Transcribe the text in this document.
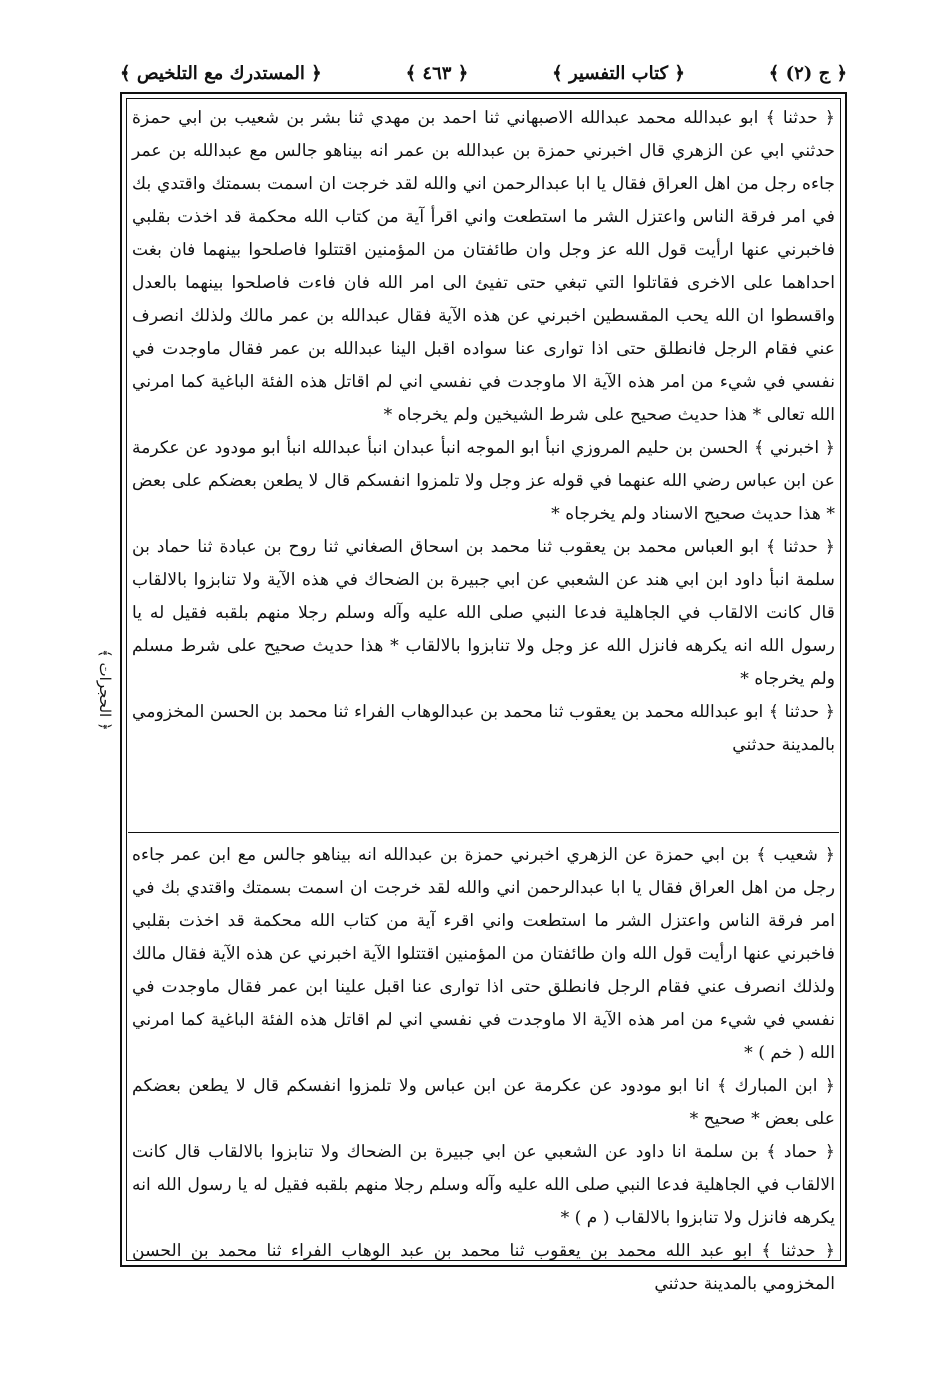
﴿ المستدرك مع التلخيص ﴾	﴿ ٤٦٣ ﴾	﴿ كتاب التفسير ﴾	﴿ ج (٢) ﴾
﴿ الحجرات ﴾

﴿ حدثنا ﴾ ابو عبدالله محمد عبدالله الاصبهاني ثنا احمد بن مهدي ثنا بشر بن شعيب بن ابي حمزة حدثني ابي عن الزهري قال اخبرني حمزة بن عبدالله بن عمر انه بيناهو جالس مع عبدالله بن عمر جاءه رجل من اهل العراق فقال يا ابا عبدالرحمن اني والله لقد خرجت ان اسمت بسمتك واقتدي بك في امر فرقة الناس واعتزل الشر ما استطعت واني اقرأ آية من كتاب الله محكمة قد اخذت بقلبي فاخبرني عنها ارأيت قول الله عز وجل وان طائفتان من المؤمنين اقتتلوا فاصلحوا بينهما فان بغت احداهما على الاخرى فقاتلوا التي تبغي حتى تفيئ الى امر الله فان فاءت فاصلحوا بينهما بالعدل واقسطوا ان الله يحب المقسطين اخبرني عن هذه الآية فقال عبدالله بن عمر مالك ولذلك انصرف عني فقام الرجل فانطلق حتى اذا توارى عنا سواده اقبل الينا عبدالله بن عمر فقال ماوجدت في نفسي في شيء من امر هذه الآية الا ماوجدت في نفسي اني لم اقاتل هذه الفئة الباغية كما امرني الله تعالى * هذا حديث صحيح على شرط الشيخين ولم يخرجاه *

﴿ اخبرني ﴾ الحسن بن حليم المروزي انبأ ابو الموجه انبأ عبدان انبأ عبدالله انبأ ابو مودود عن عكرمة عن ابن عباس رضي الله عنهما في قوله عز وجل ولا تلمزوا انفسكم قال لا يطعن بعضكم على بعض * هذا حديث صحيح الاسناد ولم يخرجاه *

﴿ حدثنا ﴾ ابو العباس محمد بن يعقوب ثنا محمد بن اسحاق الصغاني ثنا روح بن عبادة ثنا حماد بن سلمة انبأ داود ابن ابي هند عن الشعبي عن ابي جبيرة بن الضحاك في هذه الآية ولا تنابزوا بالالقاب قال كانت الالقاب في الجاهلية فدعا النبي صلى الله عليه وآله وسلم رجلا منهم بلقبه فقيل له يا رسول الله انه يكرهه فانزل الله عز وجل ولا تنابزوا بالالقاب * هذا حديث صحيح على شرط مسلم ولم يخرجاه *

﴿ حدثنا ﴾ ابو عبدالله محمد بن يعقوب ثنا محمد بن عبدالوهاب الفراء ثنا محمد بن الحسن المخزومي بالمدينة حدثني

﴿ شعيب ﴾ بن ابي حمزة عن الزهري اخبرني حمزة بن عبدالله انه بيناهو جالس مع ابن عمر جاءه رجل من اهل العراق فقال يا ابا عبدالرحمن اني والله لقد خرجت ان اسمت بسمتك واقتدي بك في امر فرقة الناس واعتزل الشر ما استطعت واني اقرء آية من كتاب الله محكمة قد اخذت بقلبي فاخبرني عنها ارأيت قول الله وان طائفتان من المؤمنين اقتتلوا الآية اخبرني عن هذه الآية فقال مالك ولذلك انصرف عني فقام الرجل فانطلق حتى اذا توارى عنا اقبل علينا ابن عمر فقال ماوجدت في نفسي في شيء من امر هذه الآية الا ماوجدت في نفسي اني لم اقاتل هذه الفئة الباغية كما امرني الله ( خم ) *

﴿ ابن المبارك ﴾ انا ابو مودود عن عكرمة عن ابن عباس ولا تلمزوا انفسكم قال لا يطعن بعضكم على بعض * صحيح *

﴿ حماد ﴾ بن سلمة انا داود عن الشعبي عن ابي جبيرة بن الضحاك ولا تنابزوا بالالقاب قال كانت الالقاب في الجاهلية فدعا النبي صلى الله عليه وآله وسلم رجلا منهم بلقبه فقيل له يا رسول الله انه يكرهه فانزل ولا تنابزوا بالالقاب ( م ) *

﴿ حدثنا ﴾ ابو عبد الله محمد بن يعقوب ثنا محمد بن عبد الوهاب الفراء ثنا محمد بن الحسن المخزومي بالمدينة حدثني
